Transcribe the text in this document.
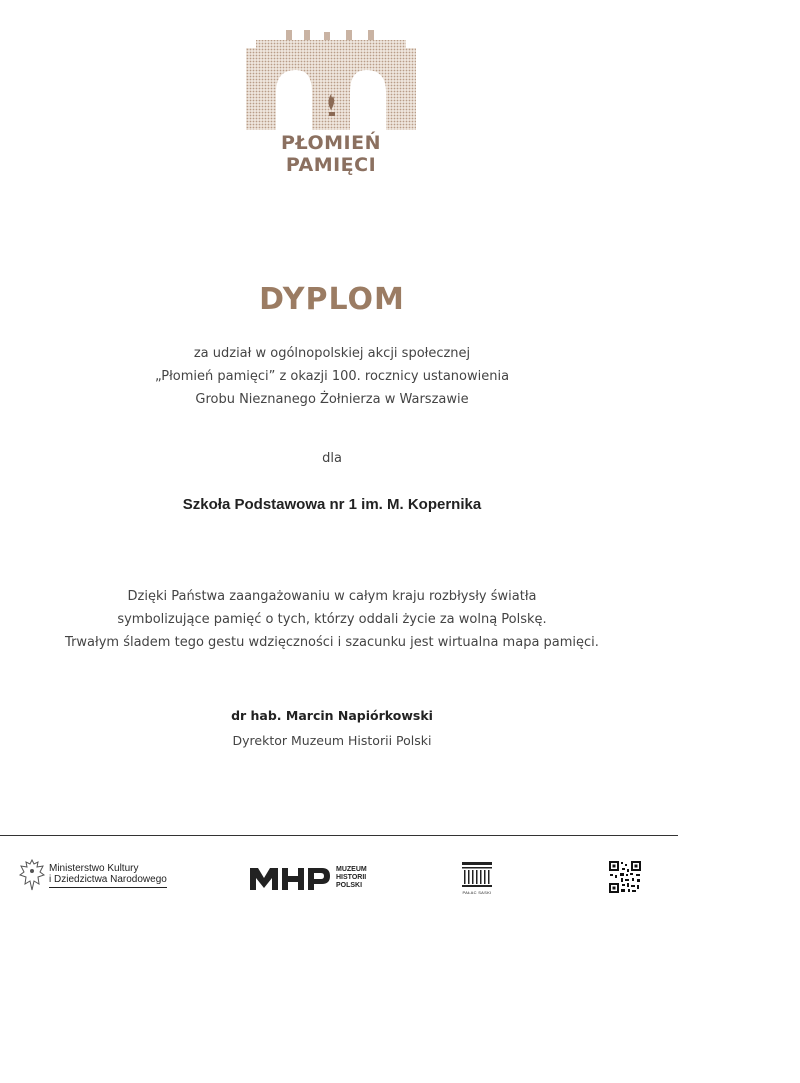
PŁOMIEŃ PAMIĘCI
DYPLOM
za udział w ogólnopolskiej akcji społecznej
„Płomień pamięci” z okazji 100. rocznicy ustanowienia
Grobu Nieznanego Żołnierza w Warszawie
dla
Szkoła Podstawowa nr 1 im. M. Kopernika
Dzięki Państwa zaangażowaniu w całym kraju rozbłysły światła
symbolizujące pamięć o tych, którzy oddali życie za wolną Polskę.
Trwałym śladem tego gestu wdzięczności i szacunku jest wirtualna mapa pamięci.
dr hab. Marcin Napiórkowski
Dyrektor Muzeum Historii Polski
Ministerstwo Kultury
i Dziedzictwa Narodowego
MUZEUM
HISTORII
POLSKI
PAŁAC SASKI
